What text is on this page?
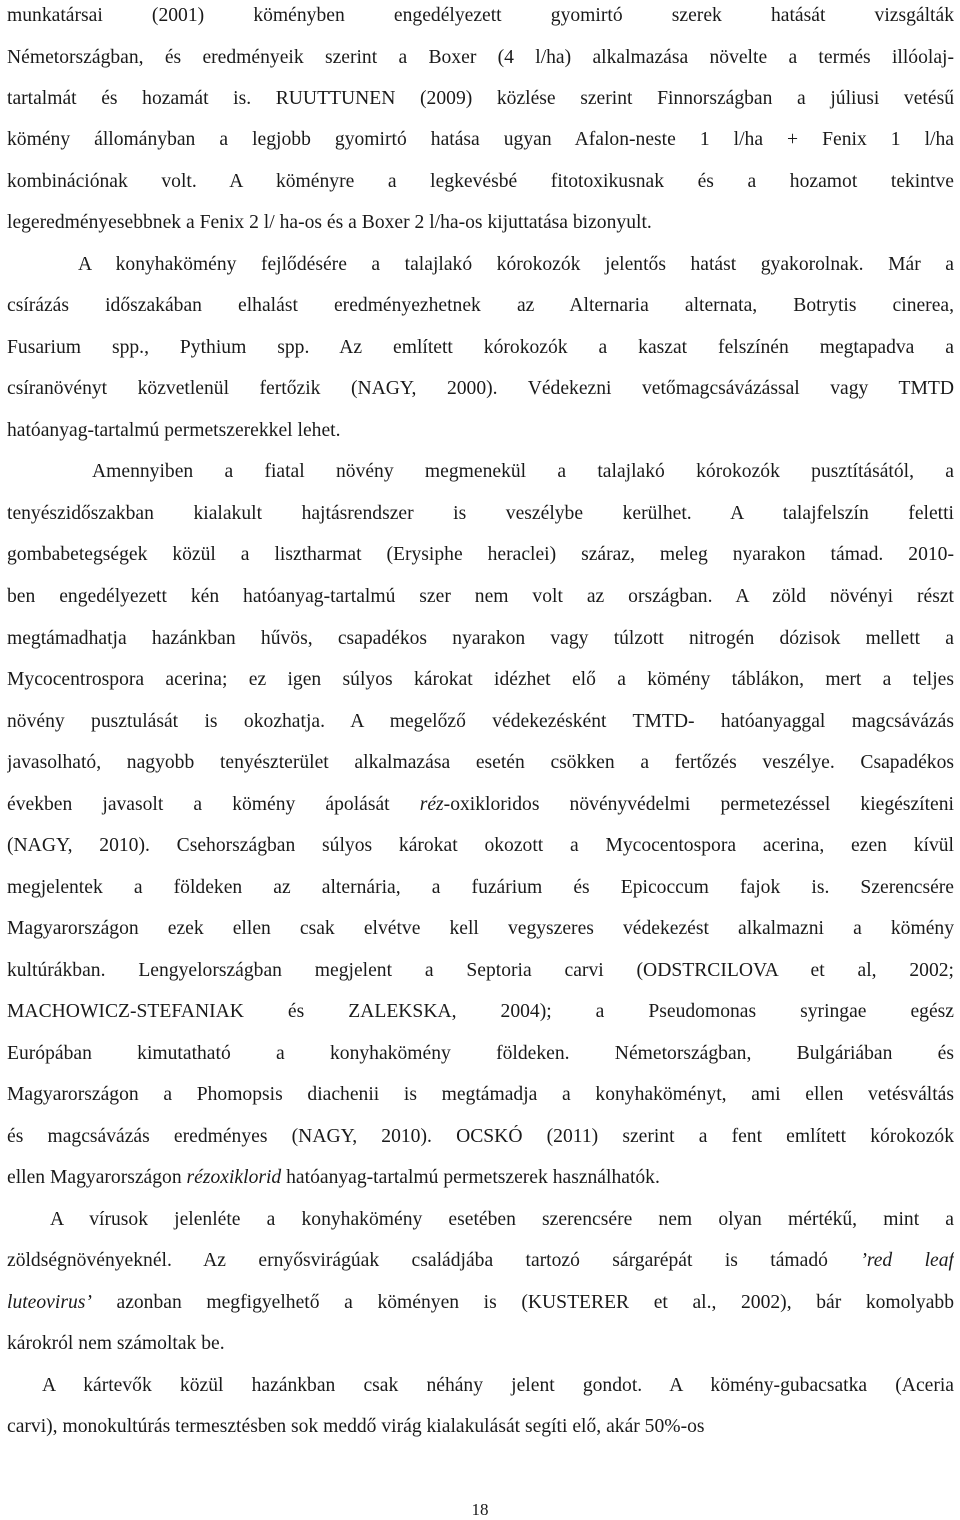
munkatársai (2001) köményben engedélyezett gyomirtó szerek hatását vizsgálták
Németországban, és eredményeik szerint a Boxer (4 l/ha) alkalmazása növelte a termés illóolaj-
tartalmát és hozamát is. RUUTTUNEN (2009) közlése szerint Finnországban a júliusi vetésű
kömény állományban a legjobb gyomirtó hatása ugyan Afalon-neste 1 l/ha + Fenix 1 l/ha
kombinációnak volt. A köményre a legkevésbé fitotoxikusnak és a hozamot tekintve
legeredményesebbnek a Fenix 2 l/ ha-os és a Boxer 2 l/ha-os kijuttatása bizonyult.
A konyhakömény fejlődésére a talajlakó kórokozók jelentős hatást gyakorolnak. Már a
csírázás időszakában elhalást eredményezhetnek az Alternaria alternata, Botrytis cinerea,
Fusarium spp., Pythium spp. Az említett kórokozók a kaszat felszínén megtapadva a
csíranövényt közvetlenül fertőzik (NAGY, 2000). Védekezni vetőmagcsávázással vagy TMTD
hatóanyag-tartalmú permetszerekkel lehet.
Amennyiben a fiatal növény megmenekül a talajlakó kórokozók pusztításától, a
tenyészidőszakban kialakult hajtásrendszer is veszélybe kerülhet. A talajfelszín feletti
gombabetegségek közül a lisztharmat (Erysiphe heraclei) száraz, meleg nyarakon támad. 2010-
ben engedélyezett kén hatóanyag-tartalmú szer nem volt az országban. A zöld növényi részt
megtámadhatja hazánkban hűvös, csapadékos nyarakon vagy túlzott nitrogén dózisok mellett a
Mycocentrospora acerina; ez igen súlyos károkat idézhet elő a kömény táblákon, mert a teljes
növény pusztulását is okozhatja. A megelőző védekezésként TMTD- hatóanyaggal magcsávázás
javasolható, nagyobb tenyészterület alkalmazása esetén csökken a fertőzés veszélye. Csapadékos
években javasolt a kömény ápolását réz-oxikloridos növényvédelmi permetezéssel kiegészíteni
(NAGY, 2010). Csehországban súlyos károkat okozott a Mycocentospora acerina, ezen kívül
megjelentek a földeken az alternária, a fuzárium és Epicoccum fajok is. Szerencsére
Magyarországon ezek ellen csak elvétve kell vegyszeres védekezést alkalmazni a kömény
kultúrákban. Lengyelországban megjelent a Septoria carvi (ODSTRCILOVA et al, 2002;
MACHOWICZ-STEFANIAK és ZALEKSKA, 2004); a Pseudomonas syringae egész
Európában kimutatható a konyhakömény földeken. Németországban, Bulgáriában és
Magyarországon a Phomopsis diachenii is megtámadja a konyhaköményt, ami ellen vetésváltás
és magcsávázás eredményes (NAGY, 2010). OCSKÓ (2011) szerint a fent említett kórokozók
ellen Magyarországon rézoxiklorid hatóanyag-tartalmú permetszerek használhatók.
A vírusok jelenléte a konyhakömény esetében szerencsére nem olyan mértékű, mint a
zöldségnövényeknél. Az ernyősvirágúak családjába tartozó sárgarépát is támadó ’red leaf
luteovirus’ azonban megfigyelhető a köményen is (KUSTERER et al., 2002), bár komolyabb
károkról nem számoltak be.
A kártevők közül hazánkban csak néhány jelent gondot. A kömény-gubacsatka (Aceria
carvi), monokultúrás termesztésben sok meddő virág kialakulását segíti elő, akár 50%-os
18
